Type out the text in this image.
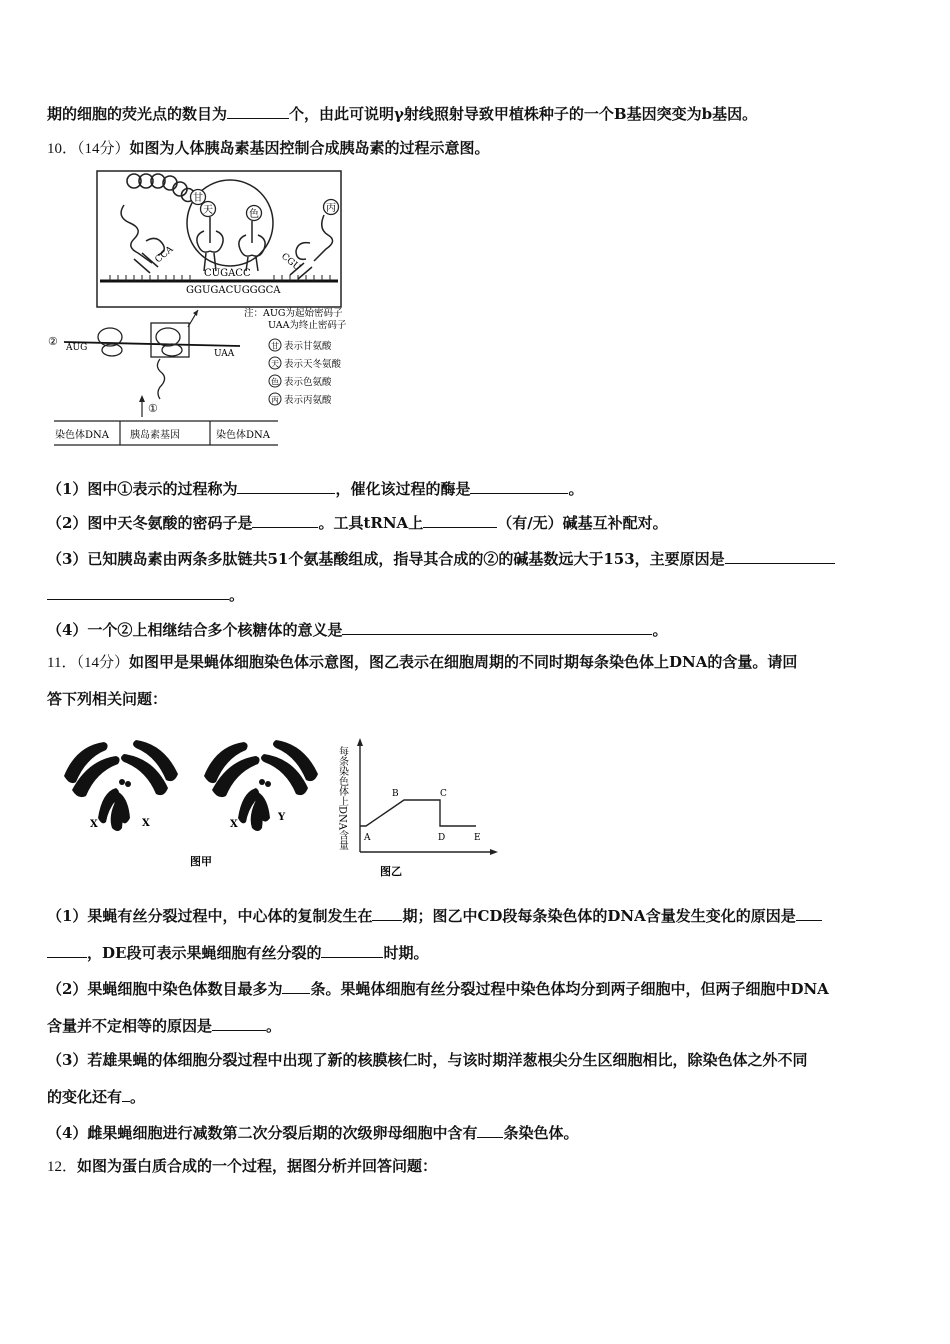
期的细胞的荧光点的数目为	个，由此可说明γ射线照射导致甲植株种子的一个B基因突变为b基因。
10．（14分）如图为人体胰岛素基因控制合成胰岛素的过程示意图。
甘
天	色
丙
CCA	CGU
CUGACC
GGUGACUGGGCA
② AUG
UAA
注：AUG为起始密码子
UAA为终止密码子
甘 表示甘氨酸
天 表示天冬氨酸
色 表示色氨酸
丙 表示丙氨酸
①
染色体DNA 胰岛素基因	染色体DNA
（1）图中①表示的过程称为	，催化该过程的酶是	。
（2）图中天冬氨酸的密码子是	。工具tRNA上	（有/无）碱基互补配对。
（3）已知胰岛素由两条多肽链共51个氨基酸组成，指导其合成的②的碱基数远大于153，主要原因是
。
（4）一个②上相继结合多个核糖体的意义是	。
11．（14分）如图甲是果蝇体细胞染色体示意图，图乙表示在细胞周期的不同时期每条染色体上DNA的含量。请回
答下列相关问题：
X	X	X
Y
图甲
每条染色体上DNA含量 A
B	C
D	E
图乙
（1）果蝇有丝分裂过程中，中心体的复制发生在 期；图乙中CD段每条染色体的DNA含量发生变化的原因是
，DE段可表示果蝇细胞有丝分裂的	时期。
（2）果蝇细胞中染色体数目最多为 条。果蝇体细胞有丝分裂过程中染色体均分到两子细胞中，但两子细胞中DNA
含量并不定相等的原因是	。
（3）若雄果蝇的体细胞分裂过程中出现了新的核膜核仁时，与该时期洋葱根尖分生区细胞相比，除染色体之外不同
的变化还有 。
（4）雌果蝇细胞进行减数第二次分裂后期的次级卵母细胞中含有 条染色体。
12．如图为蛋白质合成的一个过程，据图分析并回答问题：
